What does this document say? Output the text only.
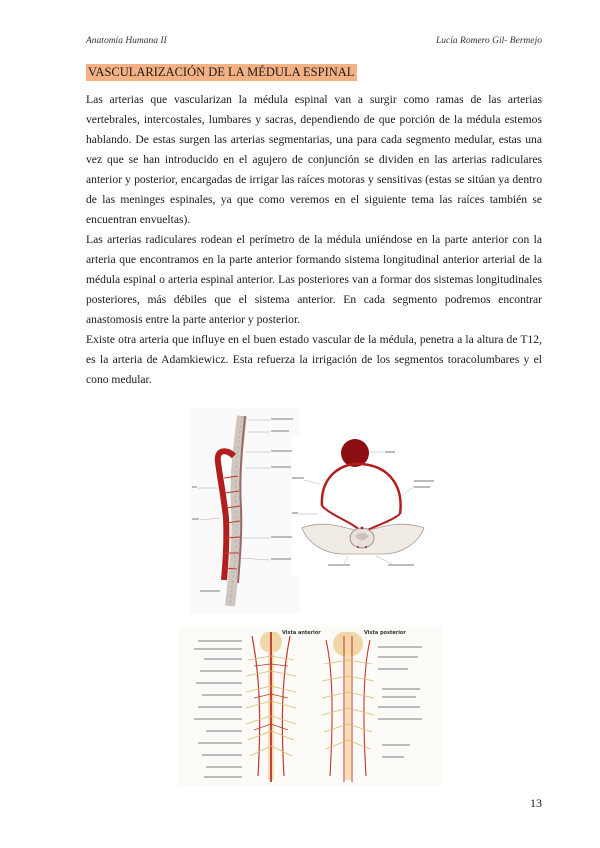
Anatomía Humana II	Lucía Romero Gil- Bermejo
VASCULARIZACIÓN DE LA MÉDULA ESPINAL

Las arterias que vascularizan la médula espinal van a surgir como ramas de las arterias vertebrales, intercostales, lumbares y sacras, dependiendo de que porción de la médula estemos hablando. De estas surgen las arterias segmentarias, una para cada segmento medular, estas una vez que se han introducido en el agujero de conjunción se dividen en las arterias radiculares anterior y posterior, encargadas de irrigar las raíces motoras y sensitivas (estas se sitúan ya dentro de las meninges espinales, ya que como veremos en el siguiente tema las raíces también se encuentran envueltas).

Las arterias radiculares rodean el perímetro de la médula uniéndose en la parte anterior con la arteria que encontramos en la parte anterior formando sistema longitudinal anterior arterial de la médula espinal o arteria espinal anterior. Las posteriores van a formar dos sistemas longitudinales posteriores, más débiles que el sistema anterior. En cada segmento podremos encontrar anastomosis entre la parte anterior y posterior.

Existe otra arteria que influye en el buen estado vascular de la médula, penetra a la altura de T12, es la arteria de Adamkiewicz. Esta refuerza la irrigación de los segmentos toracolumbares y el cono medular.

Vista anterior	Vista posterior
13
